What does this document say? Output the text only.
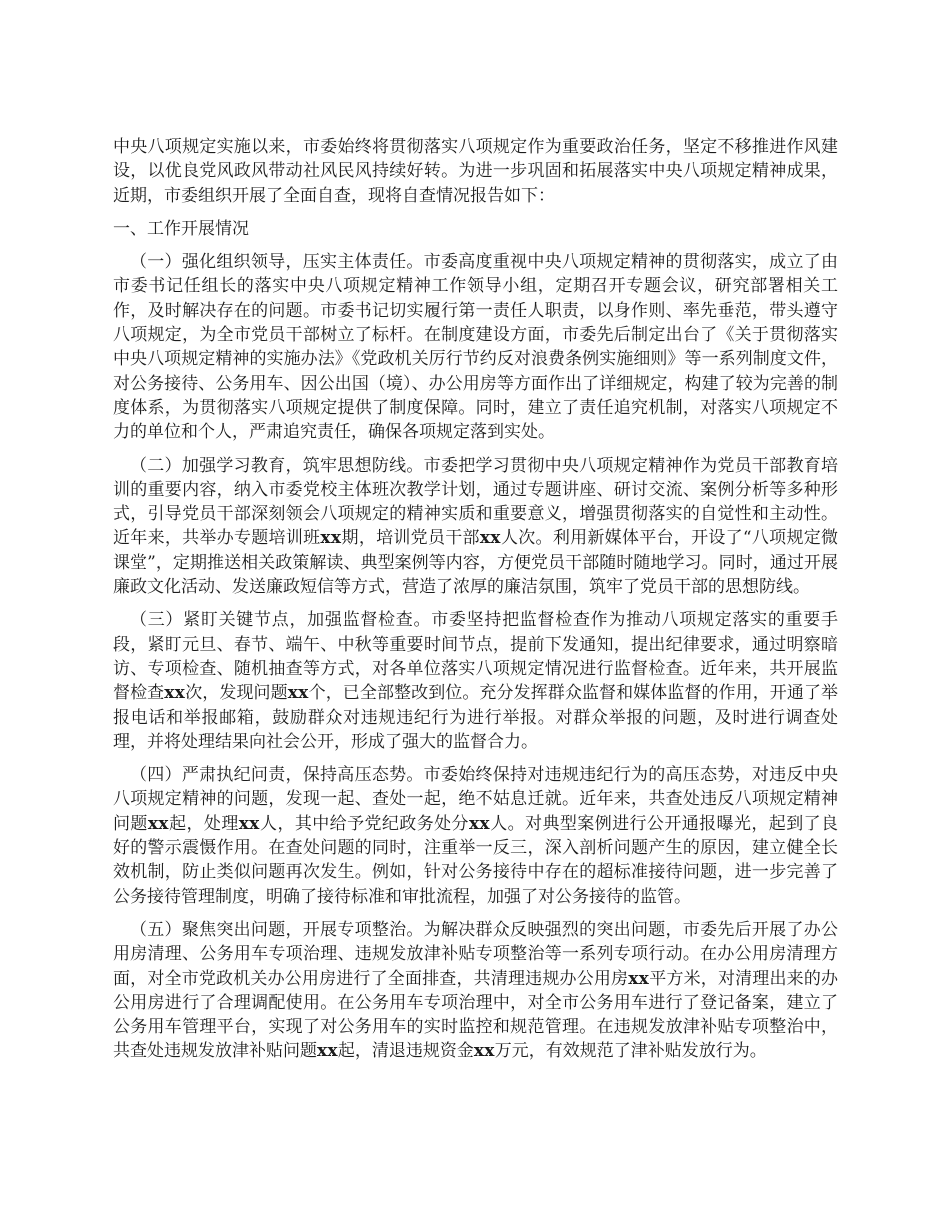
中央八项规定实施以来，市委始终将贯彻落实八项规定作为重要政治任务，坚定不移推进作风建设，以优良党风政风带动社风民风持续好转。为进一步巩固和拓展落实中央八项规定精神成果，近期，市委组织开展了全面自查，现将自查情况报告如下：

一、工作开展情况

（一）强化组织领导，压实主体责任。市委高度重视中央八项规定精神的贯彻落实，成立了由市委书记任组长的落实中央八项规定精神工作领导小组，定期召开专题会议，研究部署相关工作，及时解决存在的问题。市委书记切实履行第一责任人职责，以身作则、率先垂范，带头遵守八项规定，为全市党员干部树立了标杆。在制度建设方面，市委先后制定出台了《关于贯彻落实中央八项规定精神的实施办法》《党政机关厉行节约反对浪费条例实施细则》等一系列制度文件，对公务接待、公务用车、因公出国（境）、办公用房等方面作出了详细规定，构建了较为完善的制度体系，为贯彻落实八项规定提供了制度保障。同时，建立了责任追究机制，对落实八项规定不力的单位和个人，严肃追究责任，确保各项规定落到实处。

（二）加强学习教育，筑牢思想防线。市委把学习贯彻中央八项规定精神作为党员干部教育培训的重要内容，纳入市委党校主体班次教学计划，通过专题讲座、研讨交流、案例分析等多种形式，引导党员干部深刻领会八项规定的精神实质和重要意义，增强贯彻落实的自觉性和主动性。近年来，共举办专题培训班xx期，培训党员干部xx人次。利用新媒体平台，开设了“八项规定微课堂”，定期推送相关政策解读、典型案例等内容，方便党员干部随时随地学习。同时，通过开展廉政文化活动、发送廉政短信等方式，营造了浓厚的廉洁氛围，筑牢了党员干部的思想防线。

（三）紧盯关键节点，加强监督检查。市委坚持把监督检查作为推动八项规定落实的重要手段，紧盯元旦、春节、端午、中秋等重要时间节点，提前下发通知，提出纪律要求，通过明察暗访、专项检查、随机抽查等方式，对各单位落实八项规定情况进行监督检查。近年来，共开展监督检查xx次，发现问题xx个，已全部整改到位。充分发挥群众监督和媒体监督的作用，开通了举报电话和举报邮箱，鼓励群众对违规违纪行为进行举报。对群众举报的问题，及时进行调查处理，并将处理结果向社会公开，形成了强大的监督合力。

（四）严肃执纪问责，保持高压态势。市委始终保持对违规违纪行为的高压态势，对违反中央八项规定精神的问题，发现一起、查处一起，绝不姑息迁就。近年来，共查处违反八项规定精神问题xx起，处理xx人，其中给予党纪政务处分xx人。对典型案例进行公开通报曝光，起到了良好的警示震慑作用。在查处问题的同时，注重举一反三，深入剖析问题产生的原因，建立健全长效机制，防止类似问题再次发生。例如，针对公务接待中存在的超标准接待问题，进一步完善了公务接待管理制度，明确了接待标准和审批流程，加强了对公务接待的监管。

（五）聚焦突出问题，开展专项整治。为解决群众反映强烈的突出问题，市委先后开展了办公用房清理、公务用车专项治理、违规发放津补贴专项整治等一系列专项行动。在办公用房清理方面，对全市党政机关办公用房进行了全面排查，共清理违规办公用房xx平方米，对清理出来的办公用房进行了合理调配使用。在公务用车专项治理中，对全市公务用车进行了登记备案，建立了公务用车管理平台，实现了对公务用车的实时监控和规范管理。在违规发放津补贴专项整治中，共查处违规发放津补贴问题xx起，清退违规资金xx万元，有效规范了津补贴发放行为。
